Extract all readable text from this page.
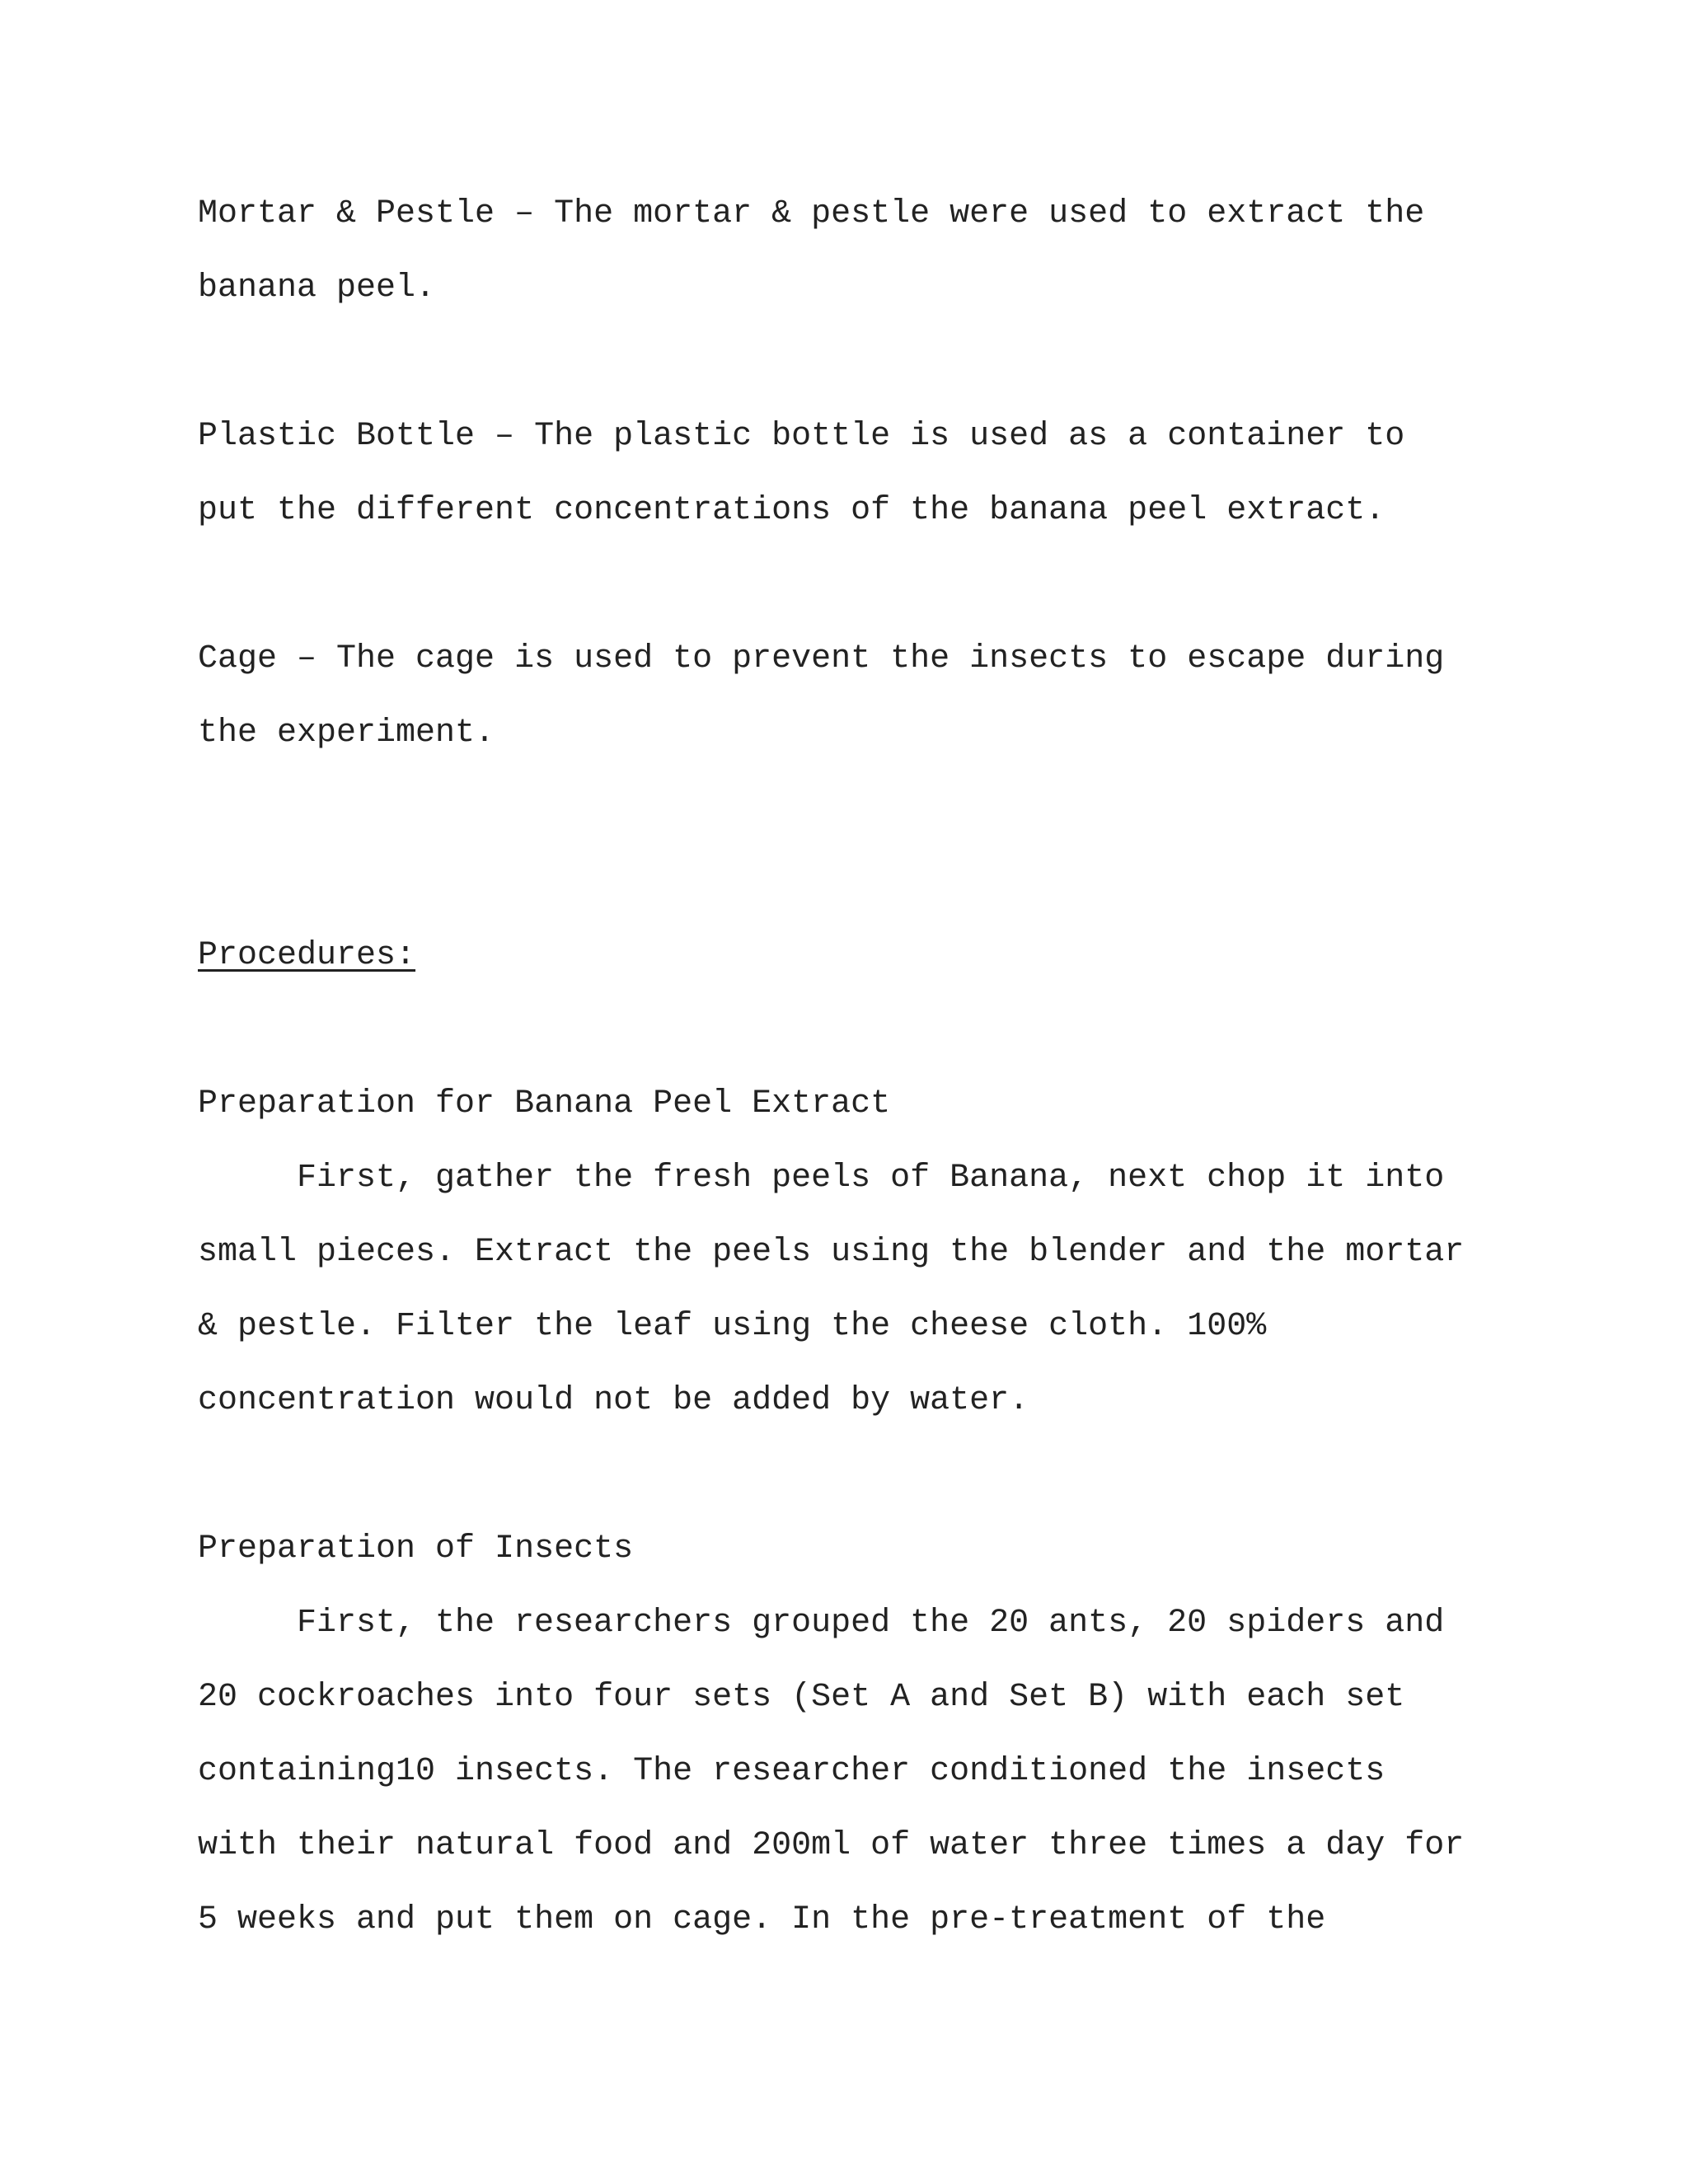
Mortar & Pestle – The mortar & pestle were used to extract the

banana peel.

Plastic Bottle – The plastic bottle is used as a container to

put the different concentrations of the banana peel extract.

Cage – The cage is used to prevent the insects to escape during

the experiment.

Procedures:

Preparation for Banana Peel Extract

First, gather the fresh peels of Banana, next chop it into

small pieces. Extract the peels using the blender and the mortar

& pestle. Filter the leaf using the cheese cloth. 100%

concentration would not be added by water.

Preparation of Insects

First, the researchers grouped the 20 ants, 20 spiders and

20 cockroaches into four sets (Set A and Set B) with each set

containing10 insects. The researcher conditioned the insects

with their natural food and 200ml of water three times a day for

5 weeks and put them on cage. In the pre-treatment of the
